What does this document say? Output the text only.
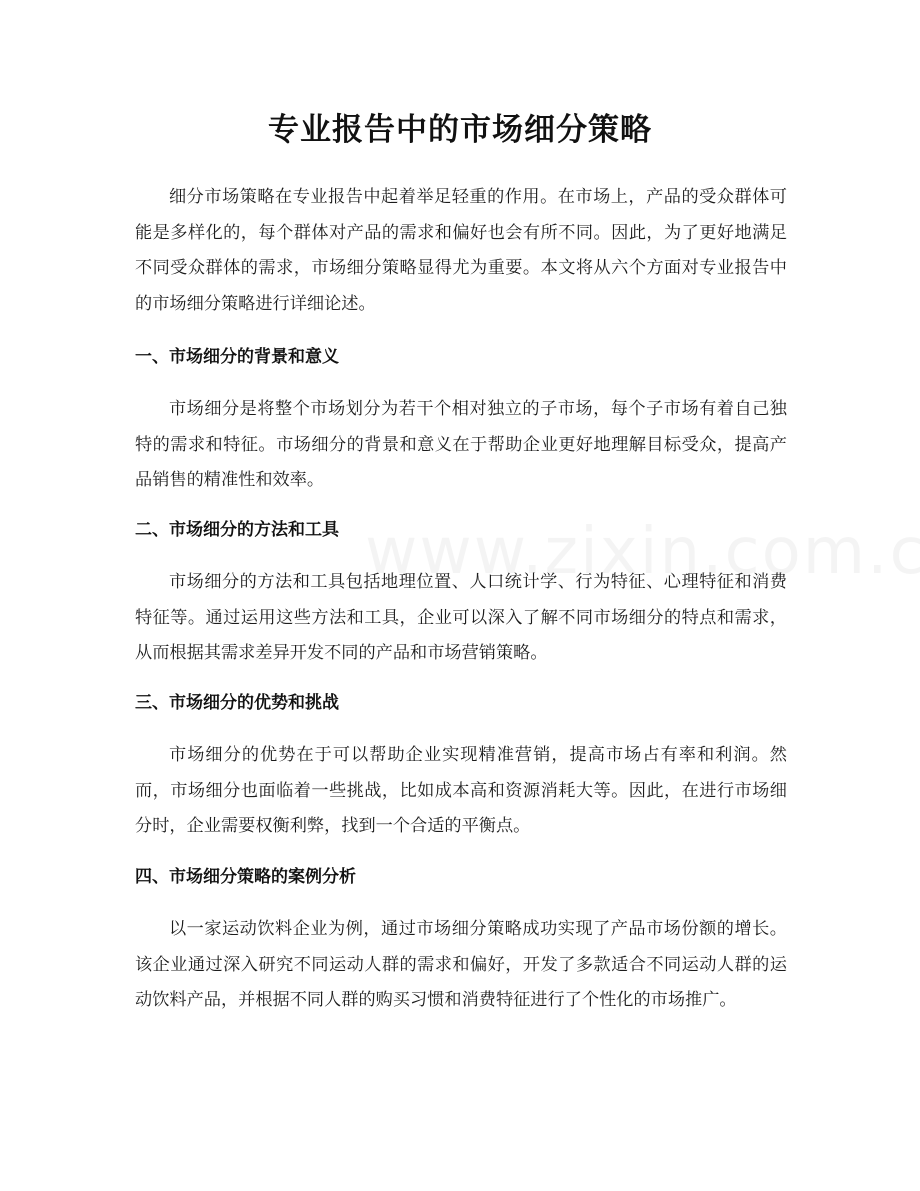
专业报告中的市场细分策略

细分市场策略在专业报告中起着举足轻重的作用。在市场上，产品的受众群体可能是多样化的，每个群体对产品的需求和偏好也会有所不同。因此，为了更好地满足不同受众群体的需求，市场细分策略显得尤为重要。本文将从六个方面对专业报告中的市场细分策略进行详细论述。

一、市场细分的背景和意义

市场细分是将整个市场划分为若干个相对独立的子市场，每个子市场有着自己独特的需求和特征。市场细分的背景和意义在于帮助企业更好地理解目标受众，提高产品销售的精准性和效率。

二、市场细分的方法和工具

市场细分的方法和工具包括地理位置、人口统计学、行为特征、心理特征和消费特征等。通过运用这些方法和工具，企业可以深入了解不同市场细分的特点和需求，从而根据其需求差异开发不同的产品和市场营销策略。

三、市场细分的优势和挑战

市场细分的优势在于可以帮助企业实现精准营销，提高市场占有率和利润。然而，市场细分也面临着一些挑战，比如成本高和资源消耗大等。因此，在进行市场细分时，企业需要权衡利弊，找到一个合适的平衡点。

四、市场细分策略的案例分析

以一家运动饮料企业为例，通过市场细分策略成功实现了产品市场份额的增长。该企业通过深入研究不同运动人群的需求和偏好，开发了多款适合不同运动人群的运动饮料产品，并根据不同人群的购买习惯和消费特征进行了个性化的市场推广。
